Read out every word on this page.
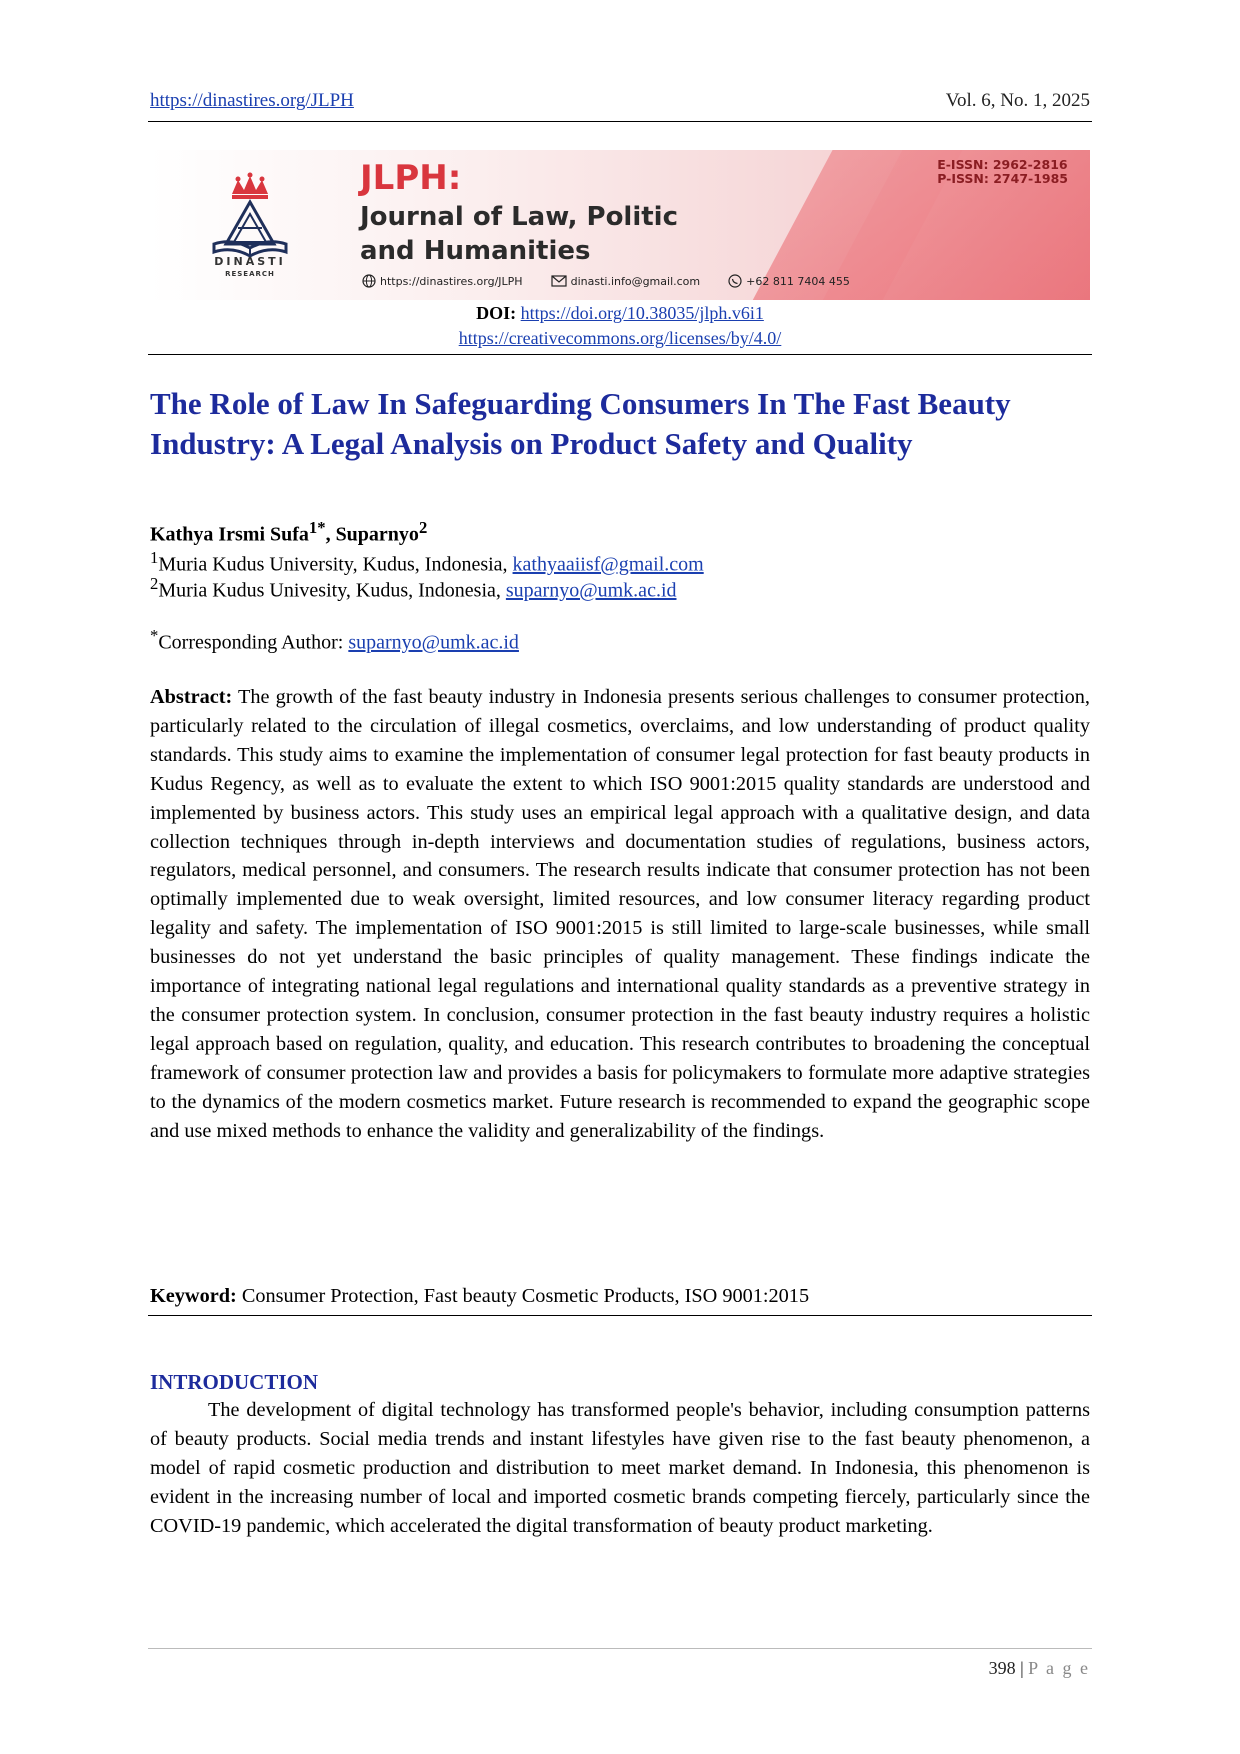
https://dinastires.org/JLPH	Vol. 6, No. 1, 2025
DINASTI
RESEARCH
JLPH:
Journal of Law, Politic and Humanities
E-ISSN: 2962-2816
P-ISSN: 2747-1985
https://dinastires.org/JLPH	dinasti.info@gmail.com	+62 811 7404 455
DOI: https://doi.org/10.38035/jlph.v6i1
https://creativecommons.org/licenses/by/4.0/
The Role of Law In Safeguarding Consumers In The Fast Beauty Industry: A Legal Analysis on Product Safety and Quality
Kathya Irsmi Sufa$^{1*}$, Suparnyo$^2$
$^1$Muria Kudus University, Kudus, Indonesia, kathyaaiisf@gmail.com
$^2$Muria Kudus Univesity, Kudus, Indonesia, suparnyo@umk.ac.id
*Corresponding Author: suparnyo@umk.ac.id
Abstract: The growth of the fast beauty industry in Indonesia presents serious challenges to consumer protection, particularly related to the circulation of illegal cosmetics, overclaims, and low understanding of product quality standards. This study aims to examine the implementation of consumer legal protection for fast beauty products in Kudus Regency, as well as to evaluate the extent to which ISO 9001:2015 quality standards are understood and implemented by business actors. This study uses an empirical legal approach with a qualitative design, and data collection techniques through in-depth interviews and documentation studies of regulations, business actors, regulators, medical personnel, and consumers. The research results indicate that consumer protection has not been optimally implemented due to weak oversight, limited resources, and low consumer literacy regarding product legality and safety. The implementation of ISO 9001:2015 is still limited to large-scale businesses, while small businesses do not yet understand the basic principles of quality management. These findings indicate the importance of integrating national legal regulations and international quality standards as a preventive strategy in the consumer protection system. In conclusion, consumer protection in the fast beauty industry requires a holistic legal approach based on regulation, quality, and education. This research contributes to broadening the conceptual framework of consumer protection law and provides a basis for policymakers to formulate more adaptive strategies to the dynamics of the modern cosmetics market. Future research is recommended to expand the geographic scope and use mixed methods to enhance the validity and generalizability of the findings.
Keyword: Consumer Protection, Fast beauty Cosmetic Products, ISO 9001:2015
INTRODUCTION
The development of digital technology has transformed people's behavior, including consumption patterns of beauty products. Social media trends and instant lifestyles have given rise to the fast beauty phenomenon, a model of rapid cosmetic production and distribution to meet market demand. In Indonesia, this phenomenon is evident in the increasing number of local and imported cosmetic brands competing fiercely, particularly since the COVID-19 pandemic, which accelerated the digital transformation of beauty product marketing.
398 | P a g e
